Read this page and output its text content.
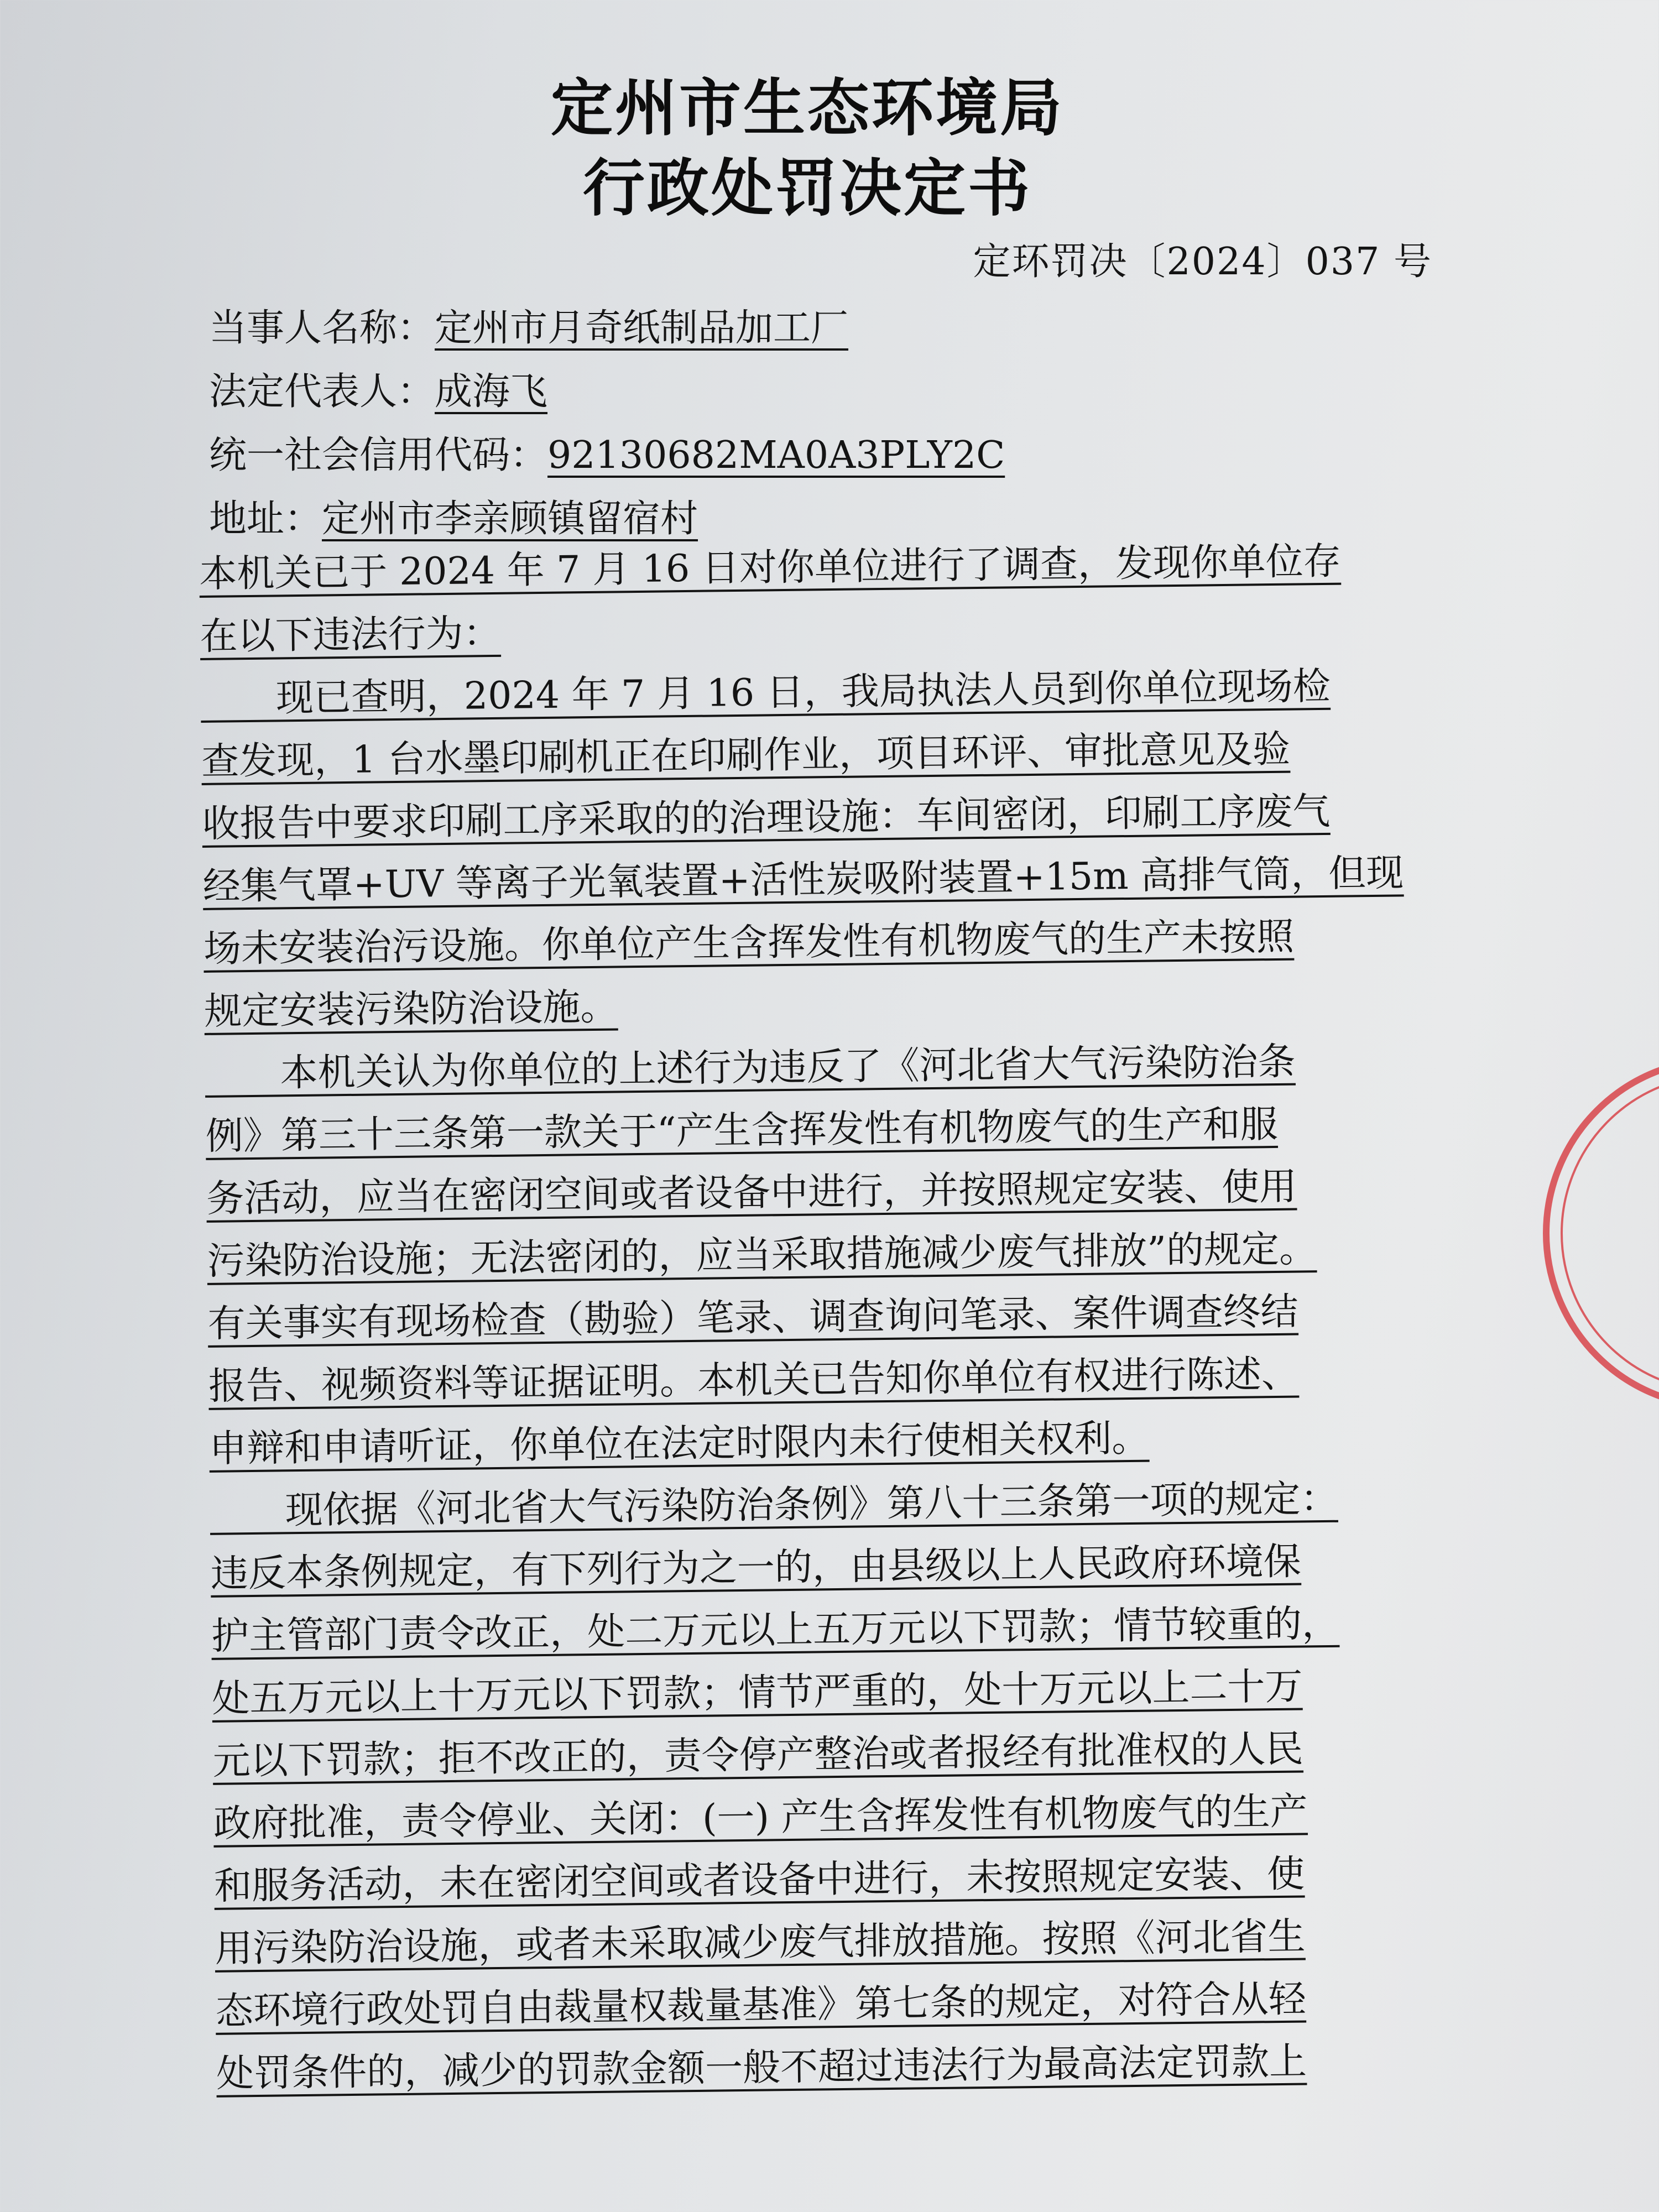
定州市生态环境局
行政处罚决定书
定环罚决〔2024〕037 号
当事人名称：定州市月奇纸制品加工厂
法定代表人：成海飞
统一社会信用代码：92130682MA0A3PLY2C
地址：定州市李亲顾镇留宿村
本机关已于 2024 年 7 月 16 日对你单位进行了调查，发现你单位存
在以下违法行为：
　　现已查明，2024 年 7 月 16 日，我局执法人员到你单位现场检
查发现，1 台水墨印刷机正在印刷作业，项目环评、审批意见及验
收报告中要求印刷工序采取的的治理设施：车间密闭，印刷工序废气
经集气罩+UV 等离子光氧装置+活性炭吸附装置+15m 高排气筒，但现
场未安装治污设施。你单位产生含挥发性有机物废气的生产未按照
规定安装污染防治设施。
　　本机关认为你单位的上述行为违反了《河北省大气污染防治条
例》第三十三条第一款关于“产生含挥发性有机物废气的生产和服
务活动，应当在密闭空间或者设备中进行，并按照规定安装、使用
污染防治设施；无法密闭的，应当采取措施减少废气排放”的规定。
有关事实有现场检查（勘验）笔录、调查询问笔录、案件调查终结
报告、视频资料等证据证明。本机关已告知你单位有权进行陈述、
申辩和申请听证，你单位在法定时限内未行使相关权利。
　　现依据《河北省大气污染防治条例》第八十三条第一项的规定：
违反本条例规定，有下列行为之一的，由县级以上人民政府环境保
护主管部门责令改正，处二万元以上五万元以下罚款；情节较重的，
处五万元以上十万元以下罚款；情节严重的，处十万元以上二十万
元以下罚款；拒不改正的，责令停产整治或者报经有批准权的人民
政府批准，责令停业、关闭：(一) 产生含挥发性有机物废气的生产
和服务活动，未在密闭空间或者设备中进行，未按照规定安装、使
用污染防治设施，或者未采取减少废气排放措施。按照《河北省生
态环境行政处罚自由裁量权裁量基准》第七条的规定，对符合从轻
处罚条件的，减少的罚款金额一般不超过违法行为最高法定罚款上
